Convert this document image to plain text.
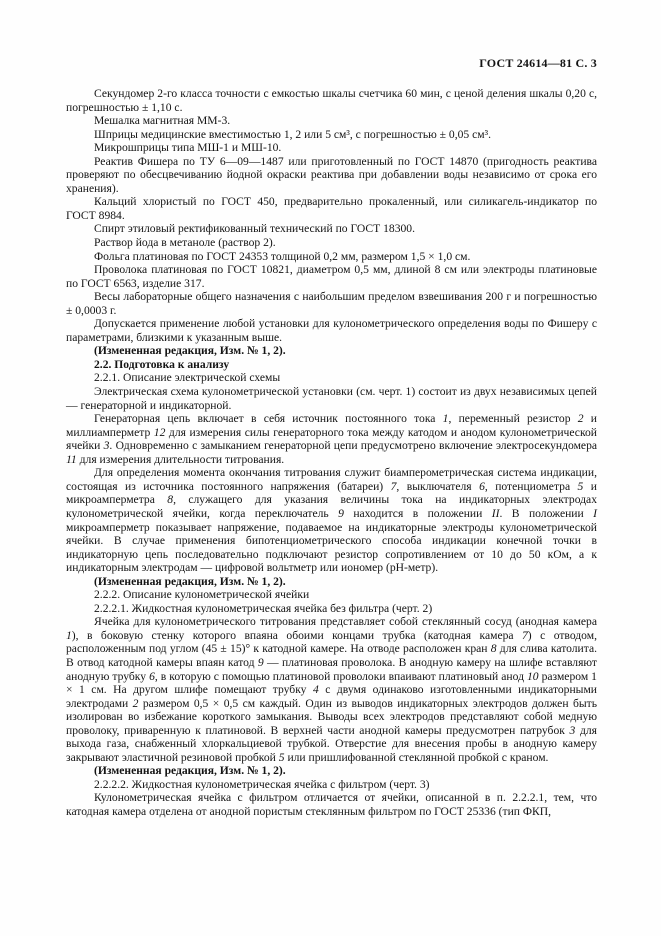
ГОСТ 24614—81 С. 3

Секундомер 2-го класса точности с емкостью шкалы счетчика 60 мин, с ценой деления шкалы 0,20 с, погрешностью ± 1,10 с.

Мешалка магнитная ММ-3.

Шприцы медицинские вместимостью 1, 2 или 5 см³, с погрешностью ± 0,05 см³.

Микрошприцы типа МШ-1 и МШ-10.

Реактив Фишера по ТУ 6—09—1487 или приготовленный по ГОСТ 14870 (пригодность реактива проверяют по обесцвечиванию йодной окраски реактива при добавлении воды независимо от срока его хранения).

Кальций хлористый по ГОСТ 450, предварительно прокаленный, или силикагель-индикатор по ГОСТ 8984.

Спирт этиловый ректификованный технический по ГОСТ 18300.

Раствор йода в метаноле (раствор 2).

Фольга платиновая по ГОСТ 24353 толщиной 0,2 мм, размером 1,5 × 1,0 см.

Проволока платиновая по ГОСТ 10821, диаметром 0,5 мм, длиной 8 см или электроды платиновые по ГОСТ 6563, изделие 317.

Весы лабораторные общего назначения с наибольшим пределом взвешивания 200 г и погрешностью ± 0,0003 г.

Допускается применение любой установки для кулонометрического определения воды по Фишеру с параметрами, близкими к указанным выше.

(Измененная редакция, Изм. № 1, 2).

2.2. Подготовка к анализу

2.2.1. Описание электрической схемы

Электрическая схема кулонометрической установки (см. черт. 1) состоит из двух независимых цепей — генераторной и индикаторной.

Генераторная цепь включает в себя источник постоянного тока 1, переменный резистор 2 и миллиамперметр 12 для измерения силы генераторного тока между катодом и анодом кулонометрической ячейки 3. Одновременно с замыканием генераторной цепи предусмотрено включение электросекундомера 11 для измерения длительности титрования.

Для определения момента окончания титрования служит биамперометрическая система индикации, состоящая из источника постоянного напряжения (батареи) 7, выключателя 6, потенциометра 5 и микроамперметра 8, служащего для указания величины тока на индикаторных электродах кулонометрической ячейки, когда переключатель 9 находится в положении II. В положении I микроамперметр показывает напряжение, подаваемое на индикаторные электроды кулонометрической ячейки. В случае применения бипотенциометрического способа индикации конечной точки в индикаторную цепь последовательно подключают резистор сопротивлением от 10 до 50 кОм, а к индикаторным электродам — цифровой вольтметр или иономер (pH-метр).

(Измененная редакция, Изм. № 1, 2).

2.2.2. Описание кулонометрической ячейки

2.2.2.1. Жидкостная кулонометрическая ячейка без фильтра (черт. 2)

Ячейка для кулонометрического титрования представляет собой стеклянный сосуд (анодная камера 1), в боковую стенку которого впаяна обоими концами трубка (катодная камера 7) с отводом, расположенным под углом (45 ± 15)° к катодной камере. На отводе расположен кран 8 для слива католита. В отвод катодной камеры впаян катод 9 — платиновая проволока. В анодную камеру на шлифе вставляют анодную трубку 6, в которую с помощью платиновой проволоки впаивают платиновый анод 10 размером 1 × 1 см. На другом шлифе помещают трубку 4 с двумя одинаково изготовленными индикаторными электродами 2 размером 0,5 × 0,5 см каждый. Один из выводов индикаторных электродов должен быть изолирован во избежание короткого замыкания. Выводы всех электродов представляют собой медную проволоку, приваренную к платиновой. В верхней части анодной камеры предусмотрен патрубок 3 для выхода газа, снабженный хлоркальциевой трубкой. Отверстие для внесения пробы в анодную камеру закрывают эластичной резиновой пробкой 5 или пришлифованной стеклянной пробкой с краном.

(Измененная редакция, Изм. № 1, 2).

2.2.2.2. Жидкостная кулонометрическая ячейка с фильтром (черт. 3)

Кулонометрическая ячейка с фильтром отличается от ячейки, описанной в п. 2.2.2.1, тем, что катодная камера отделена от анодной пористым стеклянным фильтром по ГОСТ 25336 (тип ФКП,
